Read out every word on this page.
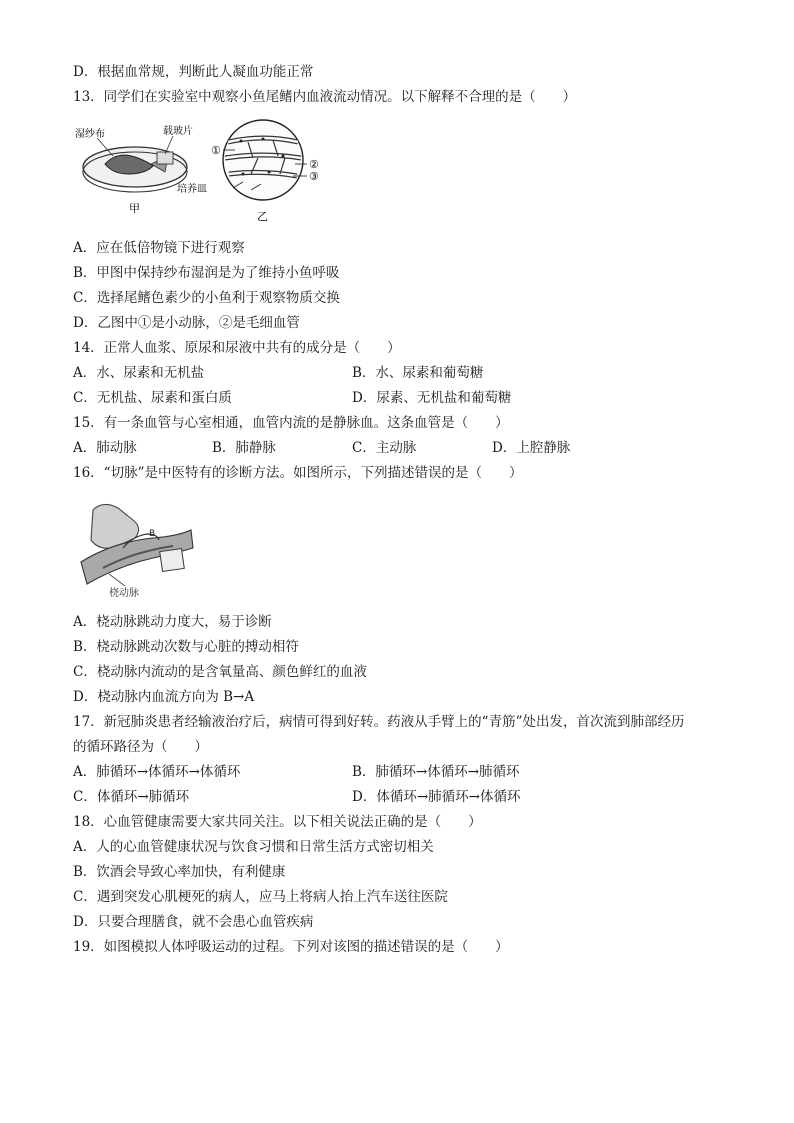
D．根据血常规，判断此人凝血功能正常
13．同学们在实验室中观察小鱼尾鳍内血液流动情况。以下解释不合理的是（　　）
湿纱布	载玻片
培养皿
甲
①
②
③
乙
A．应在低倍物镜下进行观察
B．甲图中保持纱布湿润是为了维持小鱼呼吸
C．选择尾鳍色素少的小鱼利于观察物质交换
D．乙图中①是小动脉，②是毛细血管
14．正常人血浆、原尿和尿液中共有的成分是（　　）
A．水、尿素和无机盐	B．水、尿素和葡萄糖
C．无机盐、尿素和蛋白质	D．尿素、无机盐和葡萄糖
15．有一条血管与心室相通，血管内流的是静脉血。这条血管是（　　）
A．肺动脉	B．肺静脉	C．主动脉	D．上腔静脉
16．“切脉”是中医特有的诊断方法。如图所示，下列描述错误的是（　　）
B
桡动脉
A．桡动脉跳动力度大，易于诊断
B．桡动脉跳动次数与心脏的搏动相符
C．桡动脉内流动的是含氧量高、颜色鲜红的血液
D．桡动脉内血流方向为 B→A
17．新冠肺炎患者经输液治疗后，病情可得到好转。药液从手臂上的“青筋”处出发，首次流到肺部经历
的循环路径为（　　）
A．肺循环→体循环→体循环	B．肺循环→体循环→肺循环
C．体循环→肺循环	D．体循环→肺循环→体循环
18．心血管健康需要大家共同关注。以下相关说法正确的是（　　）
A．人的心血管健康状况与饮食习惯和日常生活方式密切相关
B．饮酒会导致心率加快，有利健康
C．遇到突发心肌梗死的病人，应马上将病人抬上汽车送往医院
D．只要合理膳食，就不会患心血管疾病
19．如图模拟人体呼吸运动的过程。下列对该图的描述错误的是（　　）
